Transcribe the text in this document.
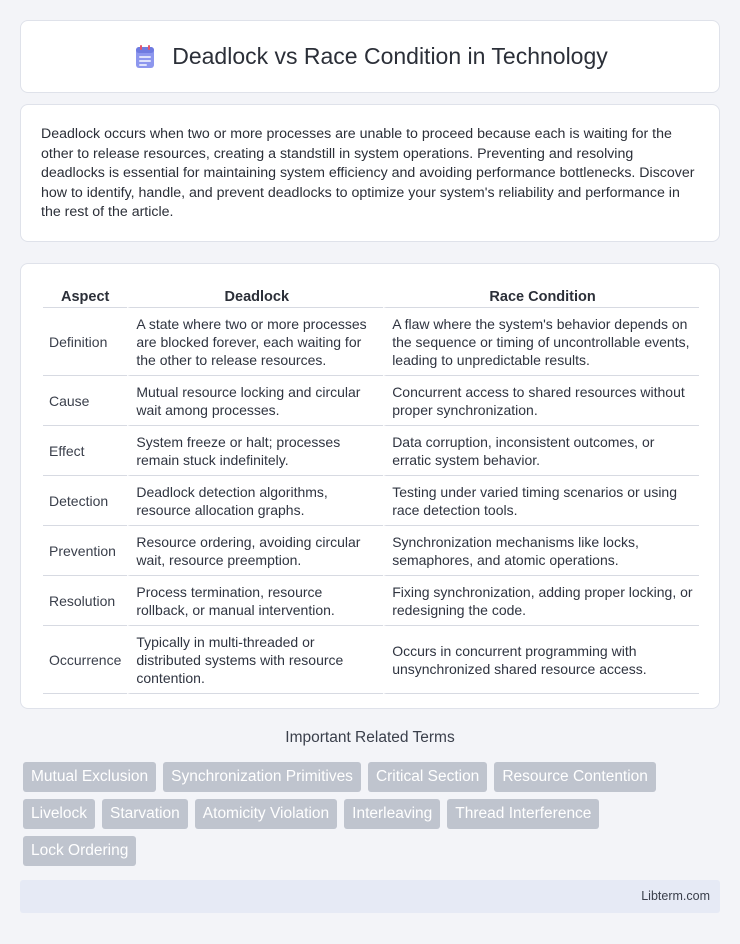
Deadlock vs Race Condition in Technology

Deadlock occurs when two or more processes are unable to proceed because each is waiting for the other to release resources, creating a standstill in system operations. Preventing and resolving deadlocks is essential for maintaining system efficiency and avoiding performance bottlenecks. Discover how to identify, handle, and prevent deadlocks to optimize your system's reliability and performance in the rest of the article.

Aspect	Deadlock	Race Condition
Definition	A state where two or more processes are blocked forever, each waiting for the other to release resources.	A flaw where the system's behavior depends on the sequence or timing of uncontrollable events, leading to unpredictable results.
Cause	Mutual resource locking and circular wait among processes.	Concurrent access to shared resources without proper synchronization.
Effect	System freeze or halt; processes remain stuck indefinitely.	Data corruption, inconsistent outcomes, or erratic system behavior.
Detection	Deadlock detection algorithms, resource allocation graphs.	Testing under varied timing scenarios or using race detection tools.
Prevention	Resource ordering, avoiding circular wait, resource preemption.	Synchronization mechanisms like locks, semaphores, and atomic operations.
Resolution	Process termination, resource rollback, or manual intervention.	Fixing synchronization, adding proper locking, or redesigning the code.
Occurrence	Typically in multi-threaded or distributed systems with resource contention.	Occurs in concurrent programming with unsynchronized shared resource access.
Important Related Terms
Mutual Exclusion	Synchronization Primitives	Critical Section	Resource Contention
Livelock	Starvation	Atomicity Violation	Interleaving	Thread Interference
Lock Ordering
Libterm.com
